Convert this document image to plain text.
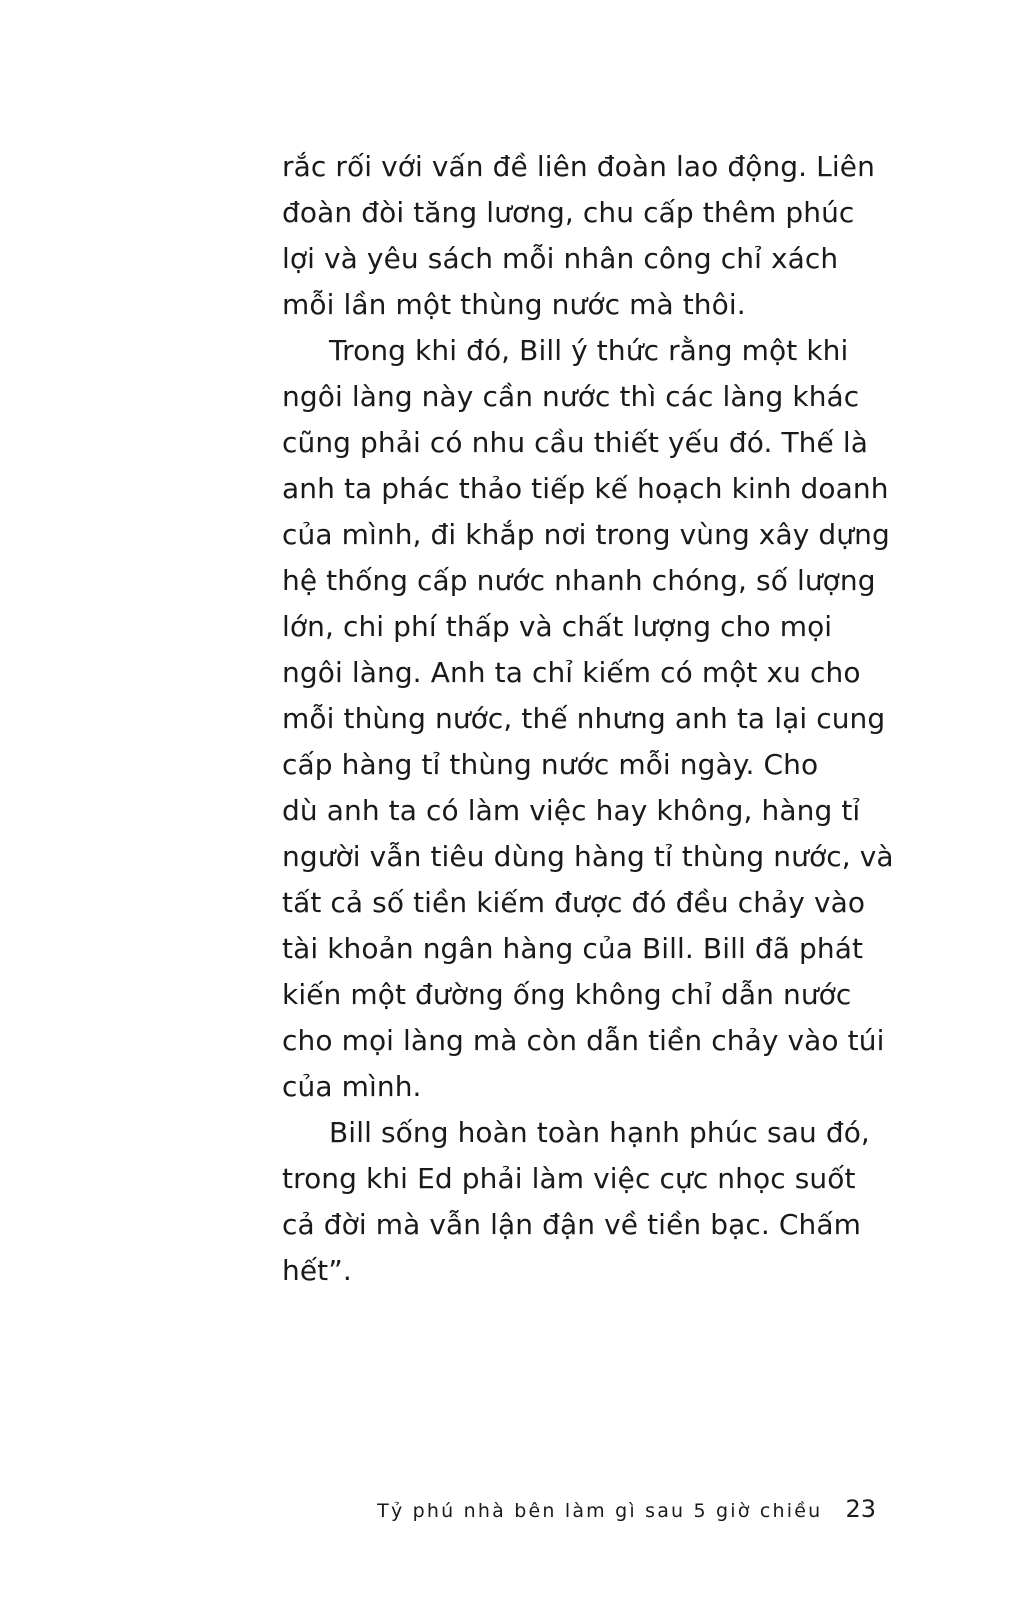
rắc rối với vấn đề liên đoàn lao động. Liên
đoàn đòi tăng lương, chu cấp thêm phúc
lợi và yêu sách mỗi nhân công chỉ xách
mỗi lần một thùng nước mà thôi.
Trong khi đó, Bill ý thức rằng một khi
ngôi làng này cần nước thì các làng khác
cũng phải có nhu cầu thiết yếu đó. Thế là
anh ta phác thảo tiếp kế hoạch kinh doanh
của mình, đi khắp nơi trong vùng xây dựng
hệ thống cấp nước nhanh chóng, số lượng
lớn, chi phí thấp và chất lượng cho mọi
ngôi làng. Anh ta chỉ kiếm có một xu cho
mỗi thùng nước, thế nhưng anh ta lại cung
cấp hàng tỉ thùng nước mỗi ngày. Cho
dù anh ta có làm việc hay không, hàng tỉ
người vẫn tiêu dùng hàng tỉ thùng nước, và
tất cả số tiền kiếm được đó đều chảy vào
tài khoản ngân hàng của Bill. Bill đã phát
kiến một đường ống không chỉ dẫn nước
cho mọi làng mà còn dẫn tiền chảy vào túi
của mình.
Bill sống hoàn toàn hạnh phúc sau đó,
trong khi Ed phải làm việc cực nhọc suốt
cả đời mà vẫn lận đận về tiền bạc. Chấm
hết”.
Tỷ phú nhà bên làm gì sau 5 giờ chiều 23
